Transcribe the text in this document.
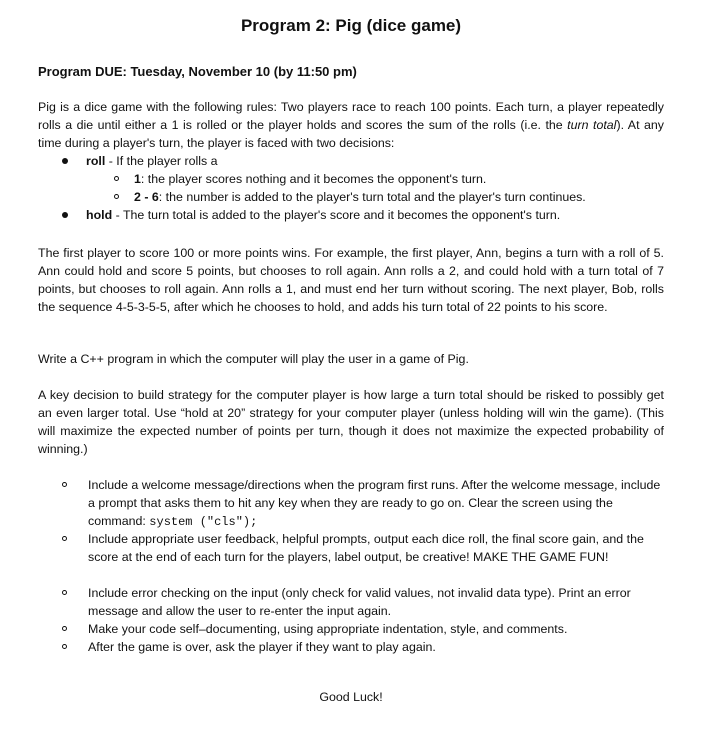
Program 2: Pig (dice game)
Program DUE: Tuesday, November 10 (by 11:50 pm)
Pig is a dice game with the following rules: Two players race to reach 100 points. Each turn, a player repeatedly rolls a die until either a 1 is rolled or the player holds and scores the sum of the rolls (i.e. the turn total). At any time during a player's turn, the player is faced with two decisions:
roll - If the player rolls a
1: the player scores nothing and it becomes the opponent's turn.
2 - 6: the number is added to the player's turn total and the player's turn continues.
hold - The turn total is added to the player's score and it becomes the opponent's turn.
The first player to score 100 or more points wins. For example, the first player, Ann, begins a turn with a roll of 5. Ann could hold and score 5 points, but chooses to roll again. Ann rolls a 2, and could hold with a turn total of 7 points, but chooses to roll again. Ann rolls a 1, and must end her turn without scoring. The next player, Bob, rolls the sequence 4-5-3-5-5, after which he chooses to hold, and adds his turn total of 22 points to his score.
Write a C++ program in which the computer will play the user in a game of Pig.
A key decision to build strategy for the computer player is how large a turn total should be risked to possibly get an even larger total. Use “hold at 20” strategy for your computer player (unless holding will win the game). (This will maximize the expected number of points per turn, though it does not maximize the expected probability of winning.)
Include a welcome message/directions when the program first runs. After the welcome message, include a prompt that asks them to hit any key when they are ready to go on. Clear the screen using the command: system ("cls");
Include appropriate user feedback, helpful prompts, output each dice roll, the final score gain, and the score at the end of each turn for the players, label output, be creative! MAKE THE GAME FUN!
Include error checking on the input (only check for valid values, not invalid data type). Print an error message and allow the user to re-enter the input again.
Make your code self–documenting, using appropriate indentation, style, and comments.
After the game is over, ask the player if they want to play again.
Good Luck!
